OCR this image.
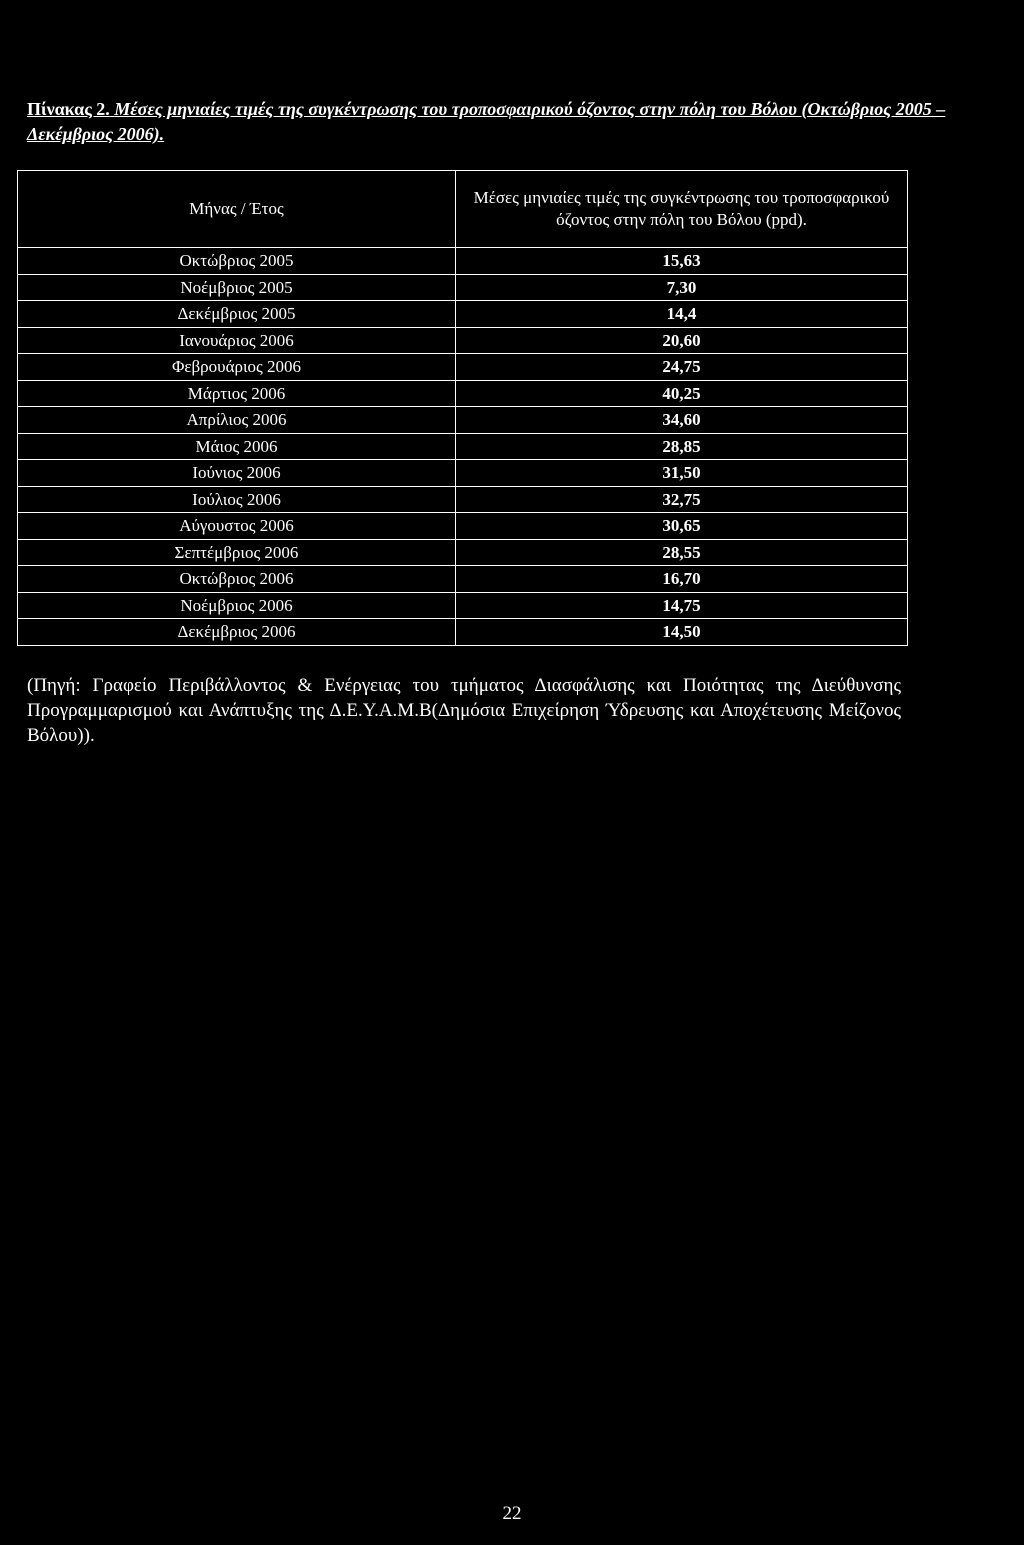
Πίνακας 2. Μέσες μηνιαίες τιμές της συγκέντρωσης του τροποσφαιρικού όζοντος στην πόλη του Βόλου (Οκτώβριος 2005 – Δεκέμβριος 2006).
Μήνας / Έτος	Μέσες μηνιαίες τιμές της συγκέντρωσης του τροποσφαρικού όζοντος στην πόλη του Βόλου (ppd).
Οκτώβριος 2005	15,63
Νοέμβριος 2005	7,30
Δεκέμβριος 2005	14,4
Ιανουάριος 2006	20,60
Φεβρουάριος 2006	24,75
Μάρτιος 2006	40,25
Απρίλιος 2006	34,60
Μάιος 2006	28,85
Ιούνιος 2006	31,50
Ιούλιος 2006	32,75
Αύγουστος 2006	30,65
Σεπτέμβριος 2006	28,55
Οκτώβριος 2006	16,70
Νοέμβριος 2006	14,75
Δεκέμβριος 2006	14,50
(Πηγή: Γραφείο Περιβάλλοντος & Ενέργειας του τμήματος Διασφάλισης και Ποιότητας της Διεύθυνσης Προγραμμαρισμού και Ανάπτυξης της Δ.Ε.Υ.Α.Μ.Β(Δημόσια Επιχείρηση Ύδρευσης και Αποχέτευσης Μείζονος Βόλου)).
22
